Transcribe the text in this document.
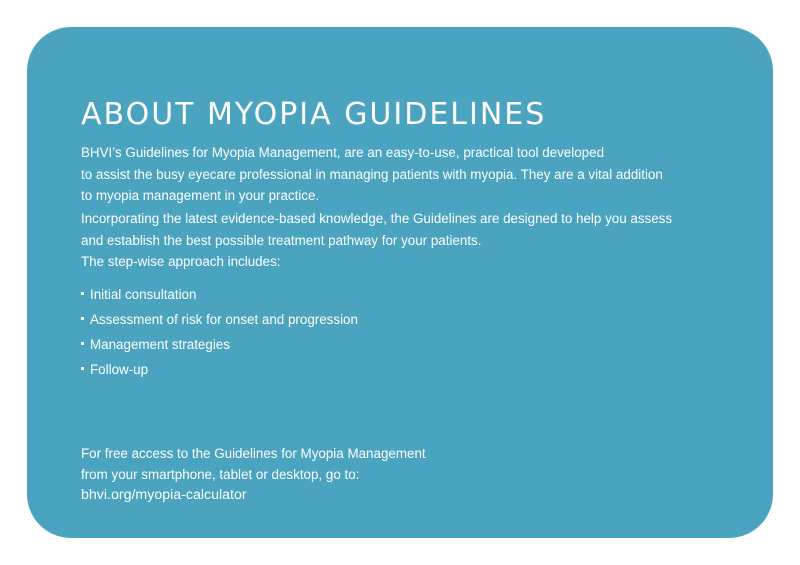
ABOUT MYOPIA GUIDELINES

BHVI’s Guidelines for Myopia Management, are an easy-to-use, practical tool developed
to assist the busy eyecare professional in managing patients with myopia. They are a vital addition
to myopia management in your practice.

Incorporating the latest evidence-based knowledge, the Guidelines are designed to help you assess
and establish the best possible treatment pathway for your patients.

The step-wise approach includes:

Initial consultation
Assessment of risk for onset and progression
Management strategies
Follow-up

For free access to the Guidelines for Myopia Management
from your smartphone, tablet or desktop, go to:
bhvi.org/myopia-calculator
